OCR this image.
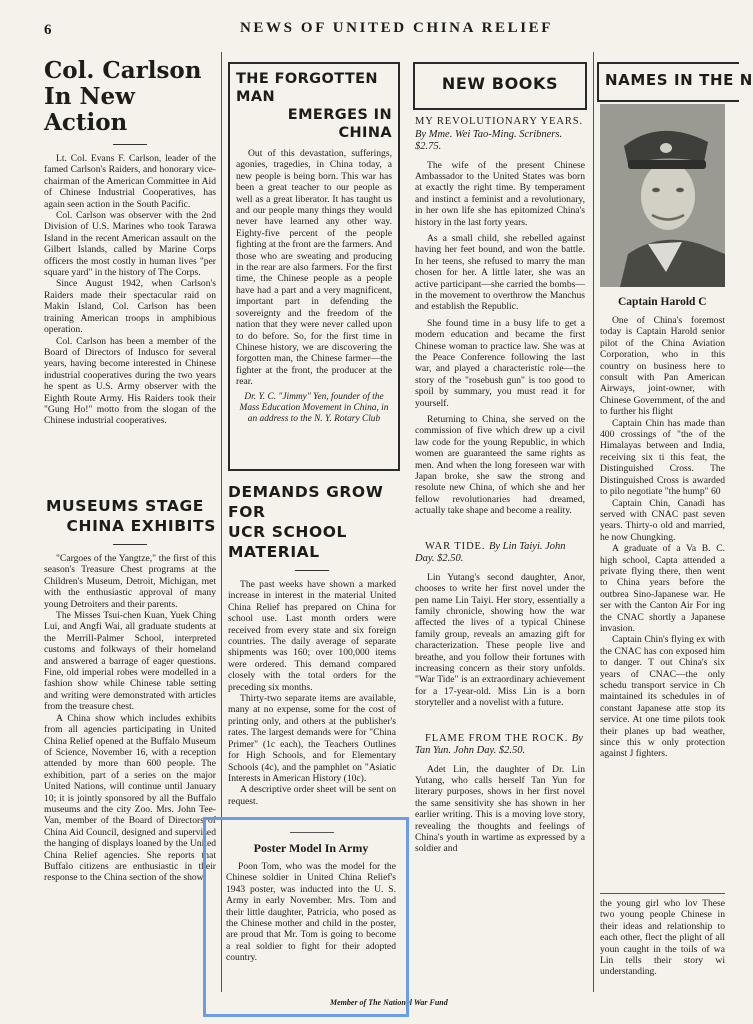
6	NEWS OF UNITED CHINA RELIEF
Col. Carlson
In New Action

Lt. Col. Evans F. Carlson, leader of the famed Carlson's Raiders, and honorary vice-chairman of the American Committee in Aid of Chinese Industrial Cooperatives, has again seen action in the South Pacific.

Col. Carlson was observer with the 2nd Division of U.S. Marines who took Tarawa Island in the recent American assault on the Gilbert Islands, called by Marine Corps officers the most costly in human lives "per square yard" in the history of The Corps.

Since August 1942, when Carlson's Raiders made their spectacular raid on Makin Island, Col. Carlson has been training American troops in amphibious operation.

Col. Carlson has been a member of the Board of Directors of Indusco for several years, having become interested in Chinese industrial cooperatives during the two years he spent as U.S. Army observer with the Eighth Route Army. His Raiders took their "Gung Ho!" motto from the slogan of the Chinese industrial cooperatives.

MUSEUMS STAGE
CHINA EXHIBITS

"Cargoes of the Yangtze," the first of this season's Treasure Chest programs at the Children's Museum, Detroit, Michigan, met with the enthusiastic approval of many young Detroiters and their parents.

The Misses Tsui-chen Kuan, Yuek Ching Lui, and Angfi Wai, all graduate students at the Merrill-Palmer School, interpreted customs and folkways of their homeland and answered a barrage of eager questions. Fine, old imperial robes were modelled in a fashion show while Chinese table setting and writing were demonstrated with articles from the treasure chest.

A China show which includes exhibits from all agencies participating in United China Relief opened at the Buffalo Museum of Science, November 16, with a reception attended by more than 600 people. The exhibition, part of a series on the major United Nations, will continue until January 10; it is jointly sponsored by all the Buffalo museums and the city Zoo. Mrs. John Tee-Van, member of the Board of Directors of China Aid Council, designed and supervised the hanging of displays loaned by the United China Relief agencies. She reports that Buffalo citizens are enthusiastic in their response to the China section of the show.

THE FORGOTTEN MAN
EMERGES IN CHINA

Out of this devastation, sufferings, agonies, tragedies, in China today, a new people is being born. This war has been a great teacher to our people as well as a great liberator. It has taught us and our people many things they would never have learned any other way. Eighty-five percent of the people fighting at the front are the farmers. And those who are sweating and producing in the rear are also farmers. For the first time, the Chinese people as a people have had a part and a very magnificent, important part in defending the sovereignty and the freedom of the nation that they were never called upon to do before. So, for the first time in Chinese history, we are discovering the forgotten man, the Chinese farmer—the fighter at the front, the producer at the rear.

Dr. Y. C. "Jimmy" Yen, founder of the Mass Education Movement in China, in an address to the N. Y. Rotary Club

DEMANDS GROW FOR
UCR SCHOOL MATERIAL

The past weeks have shown a marked increase in interest in the material United China Relief has prepared on China for school use. Last month orders were received from every state and six foreign countries. The daily average of separate shipments was 160; over 100,000 items were ordered. This demand compared closely with the total orders for the preceding six months.

Thirty-two separate items are available, many at no expense, some for the cost of printing only, and others at the publisher's rates. The largest demands were for "China Primer" (1c each), the Teachers Outlines for High Schools, and for Elementary Schools (4c), and the pamphlet on "Asiatic Interests in American History (10c).

A descriptive order sheet will be sent on request.

Poster Model In Army

Poon Tom, who was the model for the Chinese soldier in United China Relief's 1943 poster, was inducted into the U. S. Army in early November. Mrs. Tom and their little daughter, Patricia, who posed as the Chinese mother and child in the poster, are proud that Mr. Tom is going to become a real soldier to fight for their adopted country.

NEW BOOKS
MY REVOLUTIONARY YEARS. By Mme. Wei Tao-Ming. Scribners. $2.75.

The wife of the present Chinese Ambassador to the United States was born at exactly the right time. By temperament and instinct a feminist and a revolutionary, in her own life she has epitomized China's history in the last forty years.

As a small child, she rebelled against having her feet bound, and won the battle. In her teens, she refused to marry the man chosen for her. A little later, she was an active participant—she carried the bombs—in the movement to overthrow the Manchus and establish the Republic.

She found time in a busy life to get a modern education and became the first Chinese woman to practice law. She was at the Peace Conference following the last war, and played a characteristic role—the story of the "rosebush gun" is too good to spoil by summary, you must read it for yourself.

Returning to China, she served on the commission of five which drew up a civil law code for the young Republic, in which women are guaranteed the same rights as men. And when the long foreseen war with Japan broke, she saw the strong and resolute new China, of which she and her fellow revolutionaries had dreamed, actually take shape and become a reality.

WAR TIDE. By Lin Taiyi. John Day. $2.50.

Lin Yutang's second daughter, Anor, chooses to write her first novel under the pen name Lin Taiyi. Her story, essentially a family chronicle, showing how the war affected the lives of a typical Chinese family group, reveals an amazing gift for characterization. These people live and breathe, and you follow their fortunes with increasing concern as their story unfolds. "War Tide" is an extraordinary achievement for a 17-year-old. Miss Lin is a born storyteller and a novelist with a future.

FLAME FROM THE ROCK. By Tan Yun. John Day. $2.50.

Adet Lin, the daughter of Dr. Lin Yutang, who calls herself Tan Yun for literary purposes, shows in her first novel the same sensitivity she has shown in her earlier writing. This is a moving love story, revealing the thoughts and feelings of China's youth in wartime as expressed by a soldier and

NAMES IN THE N
Captain Harold C

One of China's foremost today is Captain Harold senior pilot of the China Aviation Corporation, who in this country on business here to consult with Pan American Airways, joint-owner, with Chinese Government, of the and to further his flight

Captain Chin has made than 400 crossings of "the of the Himalayas between and India, receiving six ti this feat, the Distinguished Cross. The Distinguished Cross is awarded to pilo negotiate "the hump" 60

Captain Chin, Canadi has served with CNAC past seven years. Thirty-o old and married, he now Chungking.

A graduate of a Va B. C. high school, Capta attended a private flying there, then went to China years before the outbrea Sino-Japanese war. He ser with the Canton Air For ing the CNAC shortly a Japanese invasion.

Captain Chin's flying ex with the CNAC has con exposed him to danger. T out China's six years of CNAC—the only schedu transport service in Ch maintained its schedules in of constant Japanese atte stop its service. At one time pilots took their planes up bad weather, since this w only protection against J fighters.

the young girl who lov These two young people Chinese in their ideas and relationship to each other, flect the plight of all youn caught in the toils of wa Lin tells their story wi understanding.

Member of The National War Fund
